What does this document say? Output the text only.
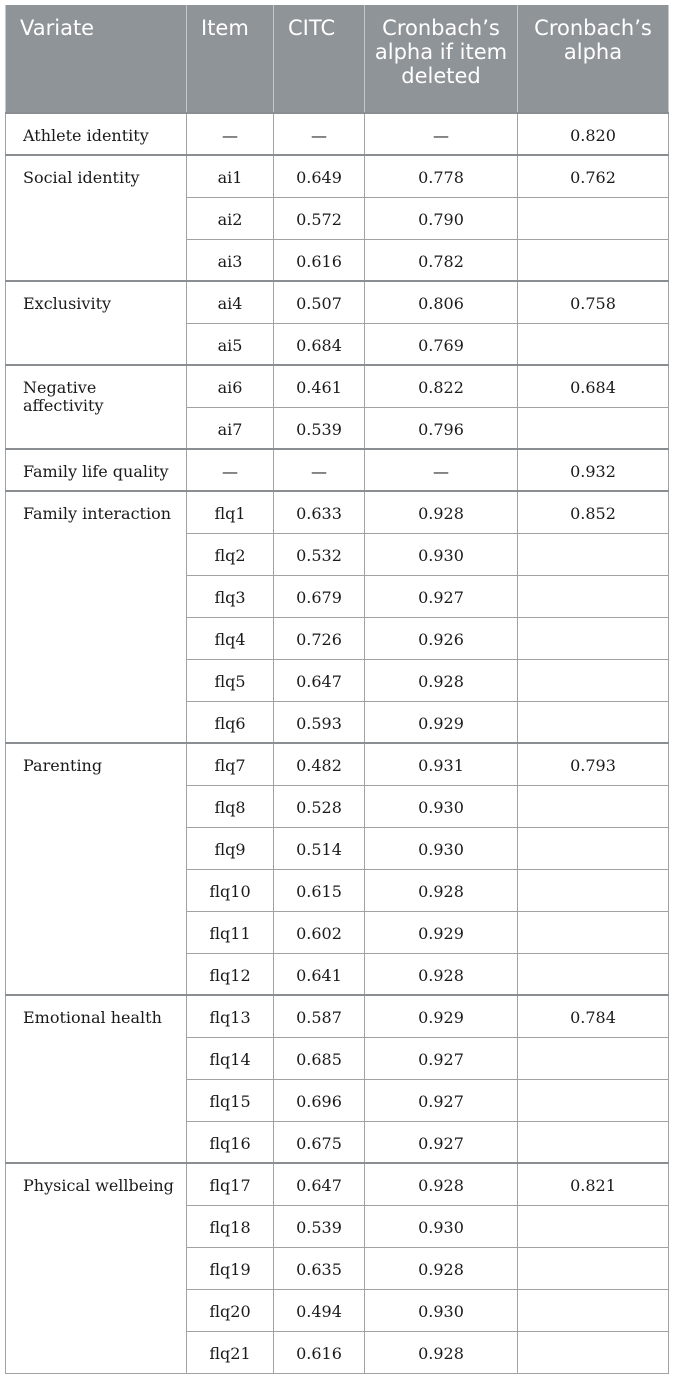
Variate	Item	CITC	Cronbach’s alpha if item deleted	Cronbach’s alpha
Athlete identity	—	—	—	0.820
Social identity	ai1	0.649	0.778	0.762
	ai2	0.572	0.790	
	ai3	0.616	0.782	
Exclusivity	ai4	0.507	0.806	0.758
	ai5	0.684	0.769	
Negative affectivity	ai6	0.461	0.822	0.684
	ai7	0.539	0.796	
Family life quality	—	—	—	0.932
Family interaction	flq1	0.633	0.928	0.852
	flq2	0.532	0.930	
	flq3	0.679	0.927	
	flq4	0.726	0.926	
	flq5	0.647	0.928	
	flq6	0.593	0.929	
Parenting	flq7	0.482	0.931	0.793
	flq8	0.528	0.930	
	flq9	0.514	0.930	
	flq10	0.615	0.928	
	flq11	0.602	0.929	
	flq12	0.641	0.928	
Emotional health	flq13	0.587	0.929	0.784
	flq14	0.685	0.927	
	flq15	0.696	0.927	
	flq16	0.675	0.927	
Physical wellbeing	flq17	0.647	0.928	0.821
	flq18	0.539	0.930	
	flq19	0.635	0.928	
	flq20	0.494	0.930	
	flq21	0.616	0.928	
